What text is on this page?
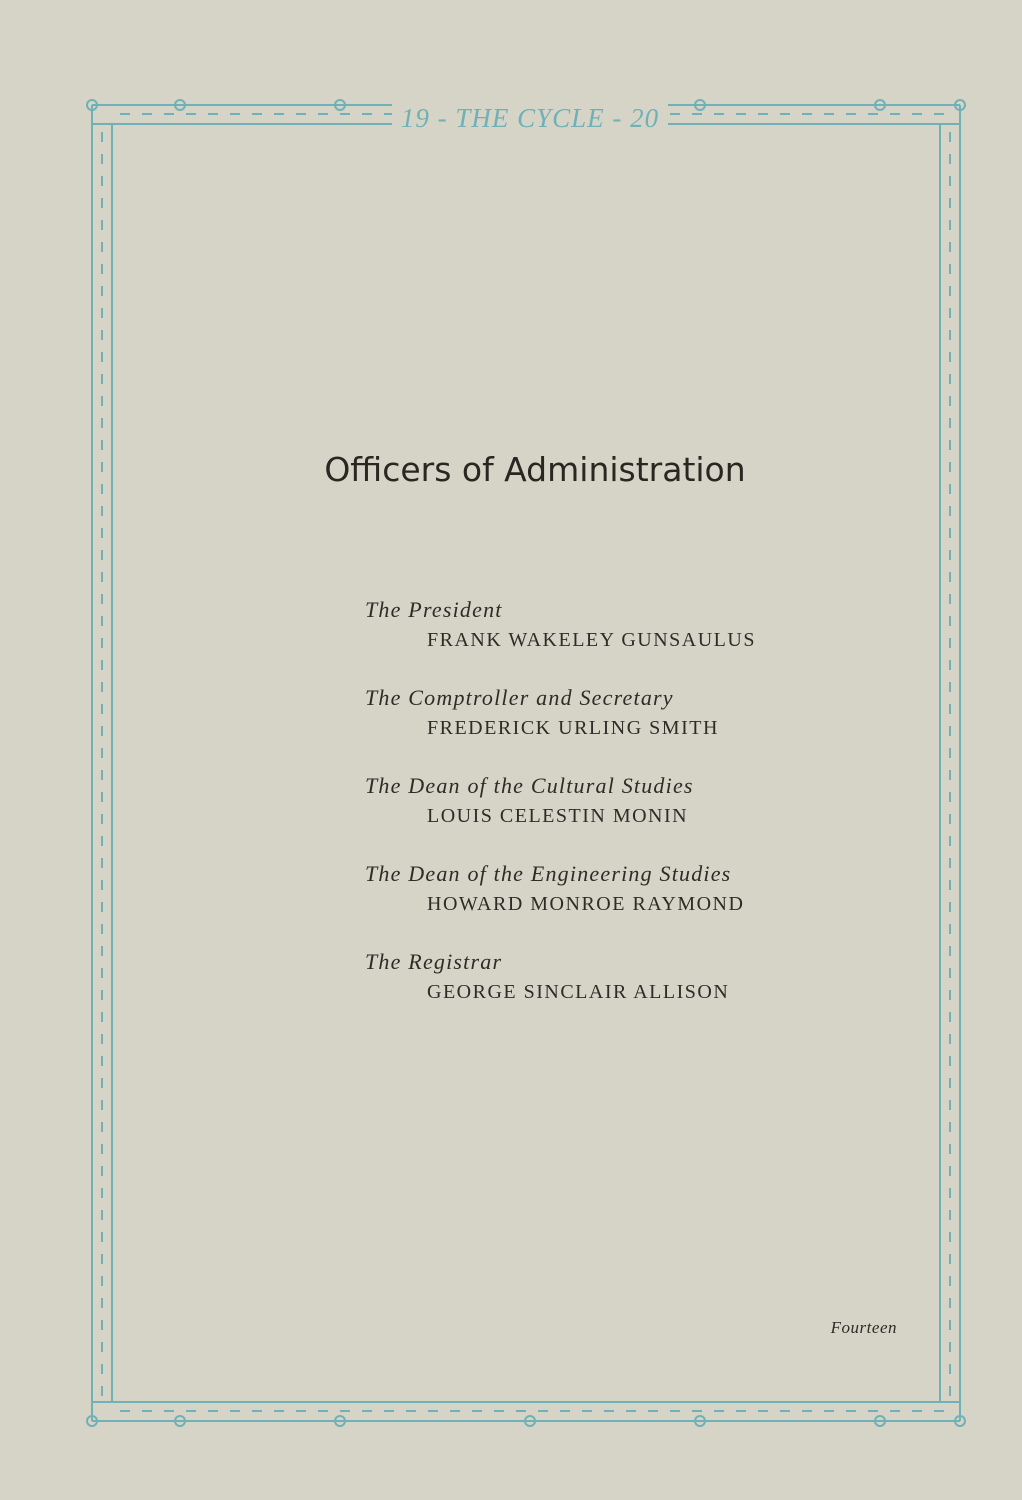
19 - THE CYCLE - 20
Officers of Administration
The President
FRANK WAKELEY GUNSAULUS
The Comptroller and Secretary
FREDERICK URLING SMITH
The Dean of the Cultural Studies
LOUIS CELESTIN MONIN
The Dean of the Engineering Studies
HOWARD MONROE RAYMOND
The Registrar
GEORGE SINCLAIR ALLISON
Fourteen
